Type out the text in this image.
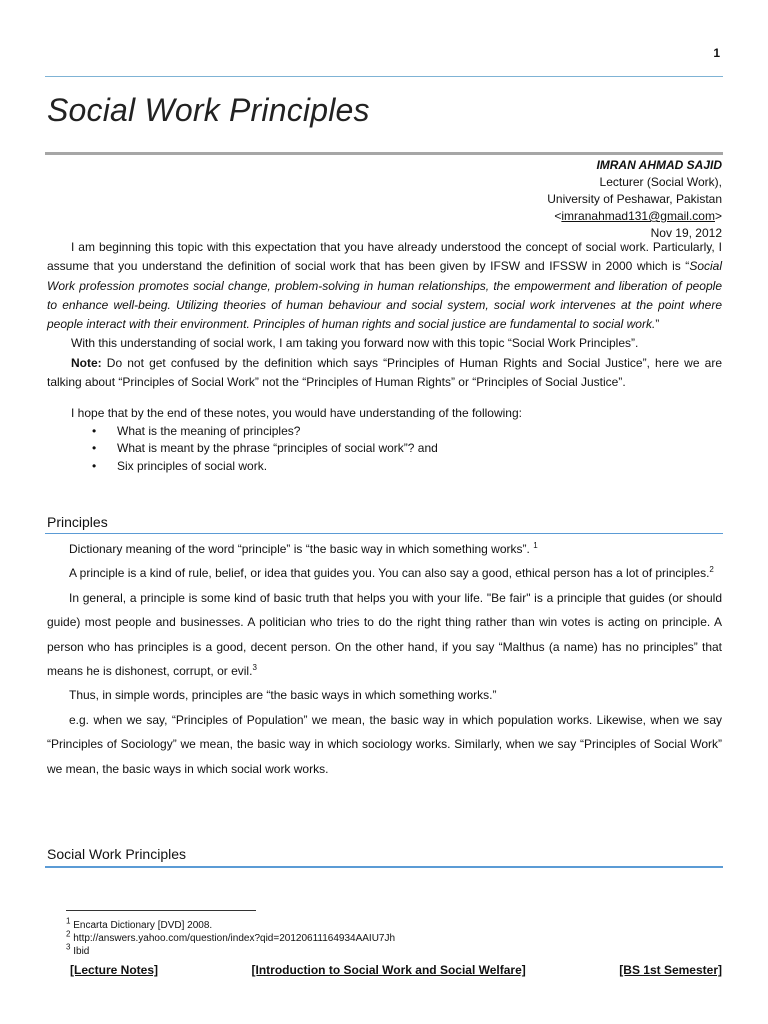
1
Social Work Principles
IMRAN AHMAD SAJID
Lecturer (Social Work),
University of Peshawar, Pakistan
<imranahmad131@gmail.com>
Nov 19, 2012

I am beginning this topic with this expectation that you have already understood the concept of social work. Particularly, I assume that you understand the definition of social work that has been given by IFSW and IFSSW in 2000 which is “Social Work profession promotes social change, problem-solving in human relationships, the empowerment and liberation of people to enhance well-being. Utilizing theories of human behaviour and social system, social work intervenes at the point where people interact with their environment. Principles of human rights and social justice are fundamental to social work.”

With this understanding of social work, I am taking you forward now with this topic “Social Work Principles”.

Note: Do not get confused by the definition which says “Principles of Human Rights and Social Justice”, here we are talking about “Principles of Social Work” not the “Principles of Human Rights” or “Principles of Social Justice”.

I hope that by the end of these notes, you would have understanding of the following:

• What is the meaning of principles?
• What is meant by the phrase “principles of social work”? and
• Six principles of social work.
Principles

Dictionary meaning of the word “principle” is “the basic way in which something works”. $^1$

A principle is a kind of rule, belief, or idea that guides you. You can also say a good, ethical person has a lot of principles.$^2$

In general, a principle is some kind of basic truth that helps you with your life. "Be fair" is a principle that guides (or should guide) most people and businesses. A politician who tries to do the right thing rather than win votes is acting on principle. A person who has principles is a good, decent person. On the other hand, if you say “Malthus (a name) has no principles” that means he is dishonest, corrupt, or evil.$^3$

Thus, in simple words, principles are “the basic ways in which something works.”

e.g. when we say, “Principles of Population” we mean, the basic way in which population works. Likewise, when we say “Principles of Sociology” we mean, the basic way in which sociology works. Similarly, when we say “Principles of Social Work” we mean, the basic ways in which social work works.

Social Work Principles
$^1$ Encarta Dictionary [DVD] 2008.
$^2$ http://answers.yahoo.com/question/index?qid=20120611164934AAIU7Jh
$^3$ Ibid
[Lecture Notes]	[Introduction to Social Work and Social Welfare]	[BS 1st Semester]
